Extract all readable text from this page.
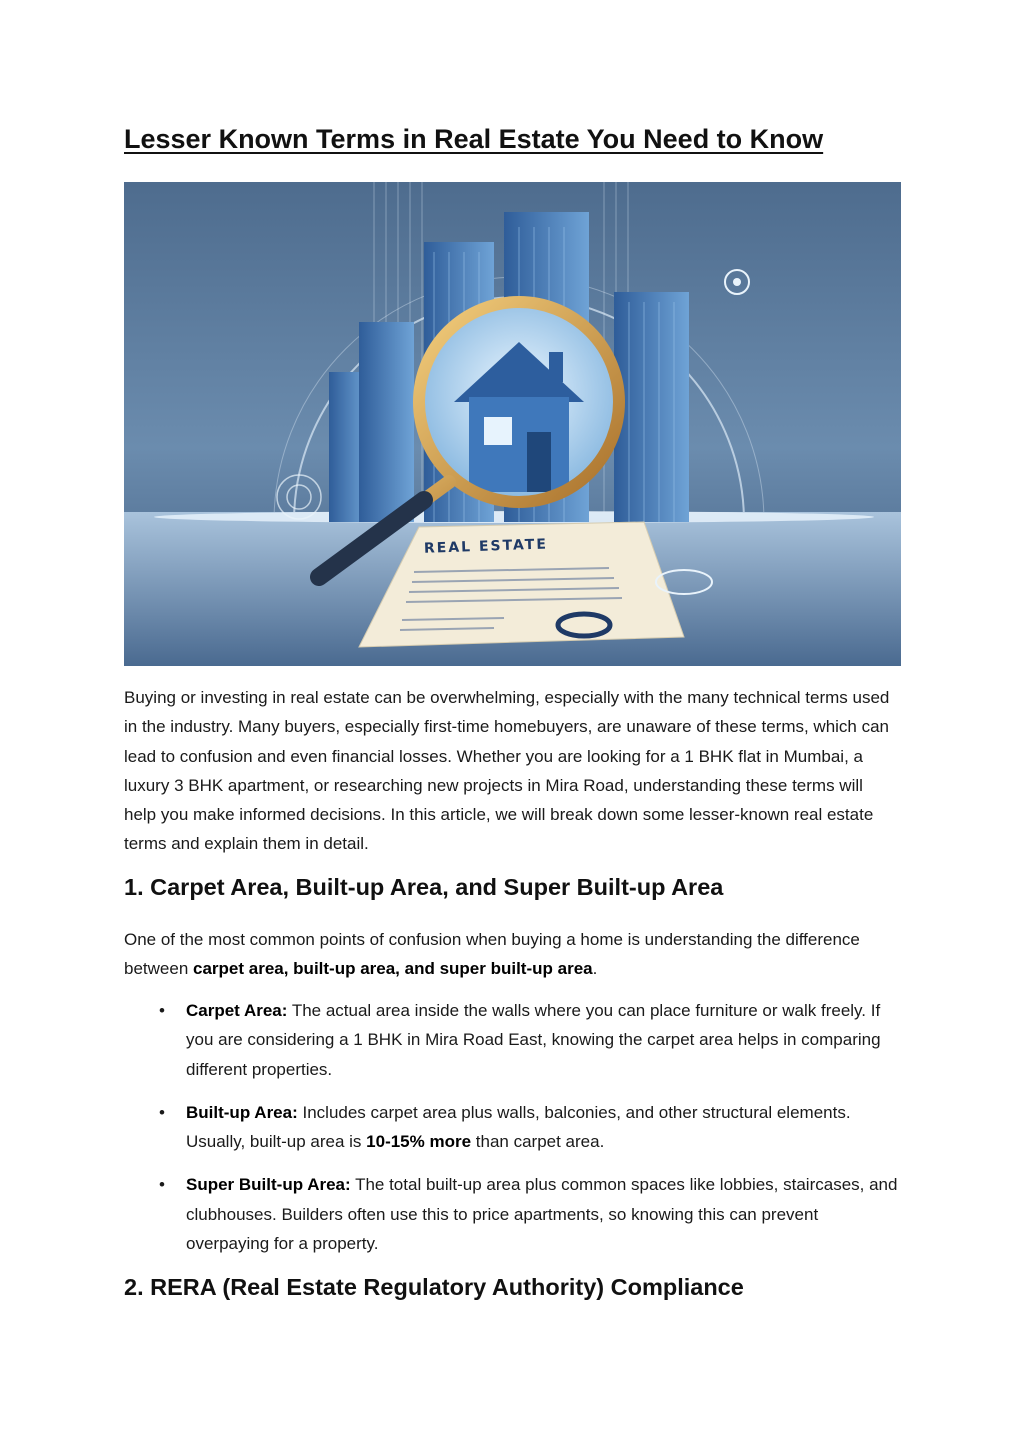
Lesser Known Terms in Real Estate You Need to Know
REAL ESTATE

Buying or investing in real estate can be overwhelming, especially with the many technical terms used in the industry. Many buyers, especially first-time homebuyers, are unaware of these terms, which can lead to confusion and even financial losses. Whether you are looking for a 1 BHK flat in Mumbai, a luxury 3 BHK apartment, or researching new projects in Mira Road, understanding these terms will help you make informed decisions. In this article, we will break down some lesser-known real estate terms and explain them in detail.

1. Carpet Area, Built-up Area, and Super Built-up Area

One of the most common points of confusion when buying a home is understanding the difference between carpet area, built-up area, and super built-up area.

• Carpet Area: The actual area inside the walls where you can place furniture or walk freely. If you are considering a 1 BHK in Mira Road East, knowing the carpet area helps in comparing different properties.
• Built-up Area: Includes carpet area plus walls, balconies, and other structural elements. Usually, built-up area is 10-15% more than carpet area.
• Super Built-up Area: The total built-up area plus common spaces like lobbies, staircases, and clubhouses. Builders often use this to price apartments, so knowing this can prevent overpaying for a property.
2. RERA (Real Estate Regulatory Authority) Compliance
